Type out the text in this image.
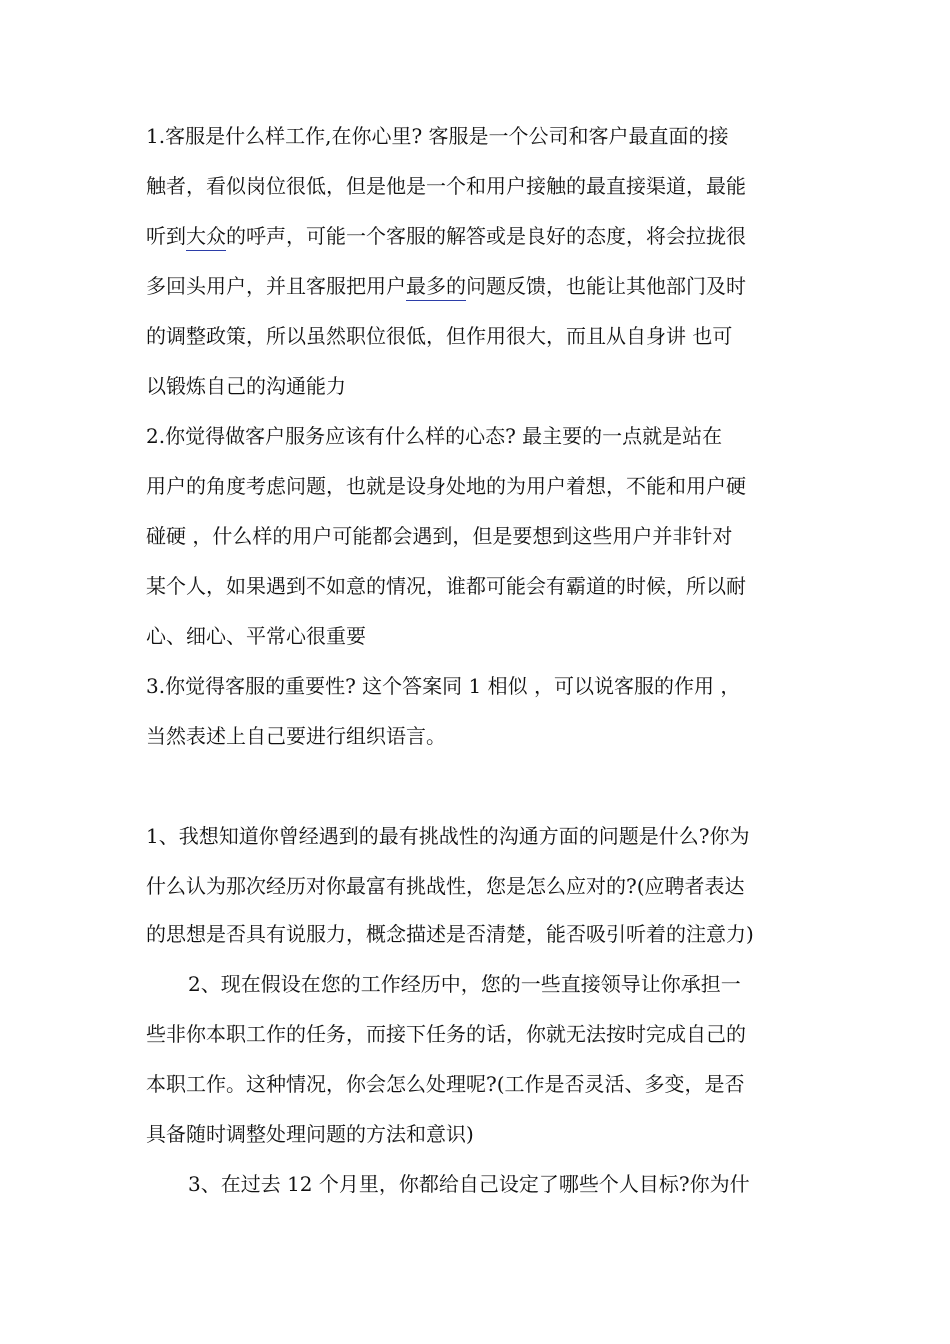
1.客服是什么样工作,在你心里? 客服是一个公司和客户最直面的接
触者，看似岗位很低，但是他是一个和用户接触的最直接渠道，最能
听到大众的呼声，可能一个客服的解答或是良好的态度，将会拉拢很
多回头用户，并且客服把用户最多的问题反馈，也能让其他部门及时
的调整政策，所以虽然职位很低，但作用很大，而且从自身讲 也可
以锻炼自己的沟通能力
2.你觉得做客户服务应该有什么样的心态? 最主要的一点就是站在
用户的角度考虑问题，也就是设身处地的为用户着想，不能和用户硬
碰硬 ，什么样的用户可能都会遇到，但是要想到这些用户并非针对
某个人，如果遇到不如意的情况，谁都可能会有霸道的时候，所以耐
心、细心、平常心很重要
3.你觉得客服的重要性? 这个答案同 1 相似 ，可以说客服的作用 ，
当然表述上自己要进行组织语言。
1、我想知道你曾经遇到的最有挑战性的沟通方面的问题是什么?你为
什么认为那次经历对你最富有挑战性，您是怎么应对的?(应聘者表达
的思想是否具有说服力，概念描述是否清楚，能否吸引听着的注意力)
2、现在假设在您的工作经历中，您的一些直接领导让你承担一
些非你本职工作的任务，而接下任务的话，你就无法按时完成自己的
本职工作。这种情况，你会怎么处理呢?(工作是否灵活、多变，是否
具备随时调整处理问题的方法和意识)
3、在过去 12 个月里，你都给自己设定了哪些个人目标?你为什
